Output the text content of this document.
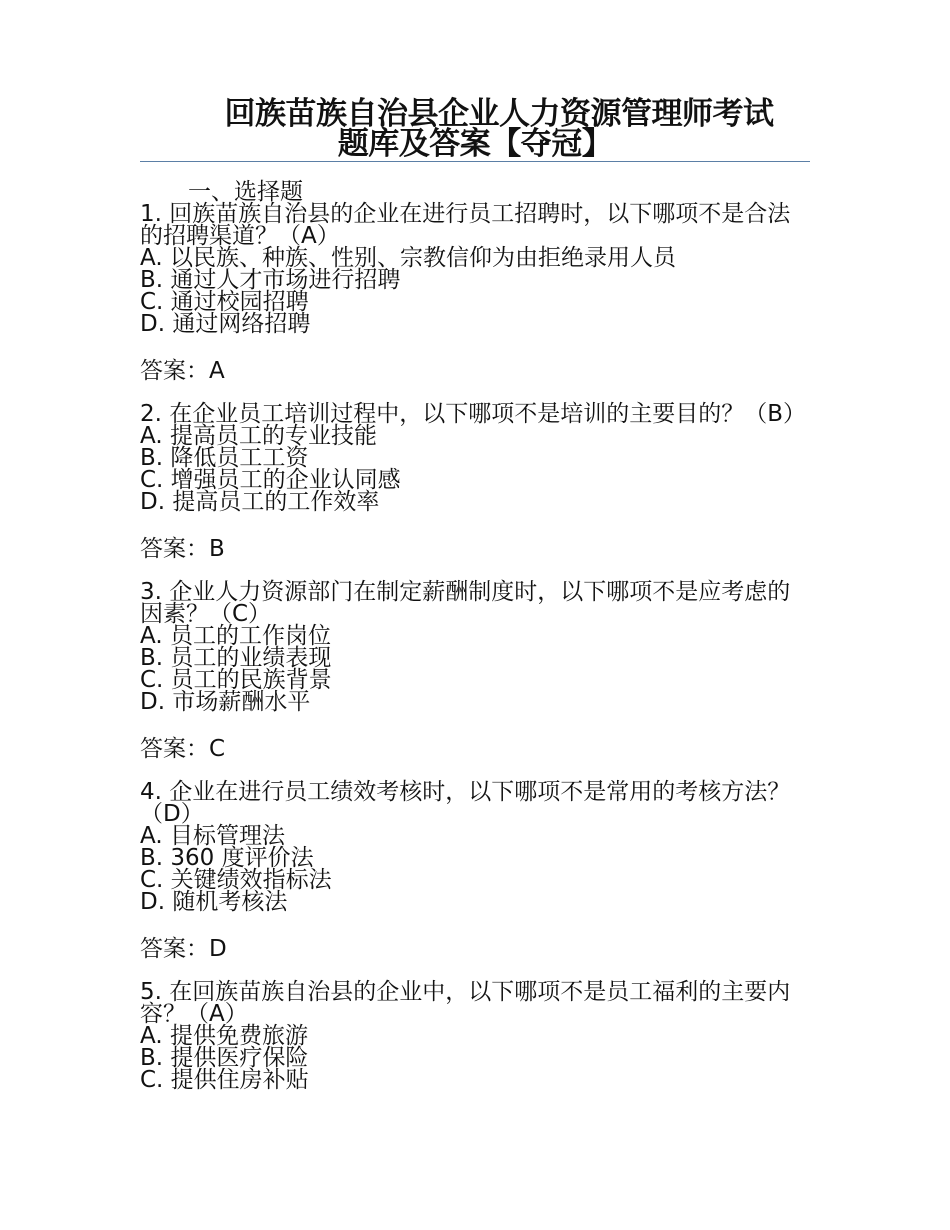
回族苗族自治县企业人力资源管理师考试
题库及答案【夺冠】
一、选择题
1. 回族苗族自治县的企业在进行员工招聘时，以下哪项不是合法的招聘渠道？（A）
A. 以民族、种族、性别、宗教信仰为由拒绝录用人员
B. 通过人才市场进行招聘
C. 通过校园招聘
D. 通过网络招聘
答案：A
2. 在企业员工培训过程中，以下哪项不是培训的主要目的？（B）
A. 提高员工的专业技能
B. 降低员工工资
C. 增强员工的企业认同感
D. 提高员工的工作效率
答案：B
3. 企业人力资源部门在制定薪酬制度时，以下哪项不是应考虑的因素？（C）
A. 员工的工作岗位
B. 员工的业绩表现
C. 员工的民族背景
D. 市场薪酬水平
答案：C
4. 企业在进行员工绩效考核时，以下哪项不是常用的考核方法？（D）
A. 目标管理法
B. 360 度评价法
C. 关键绩效指标法
D. 随机考核法
答案：D
5. 在回族苗族自治县的企业中，以下哪项不是员工福利的主要内容？（A）
A. 提供免费旅游
B. 提供医疗保险
C. 提供住房补贴
